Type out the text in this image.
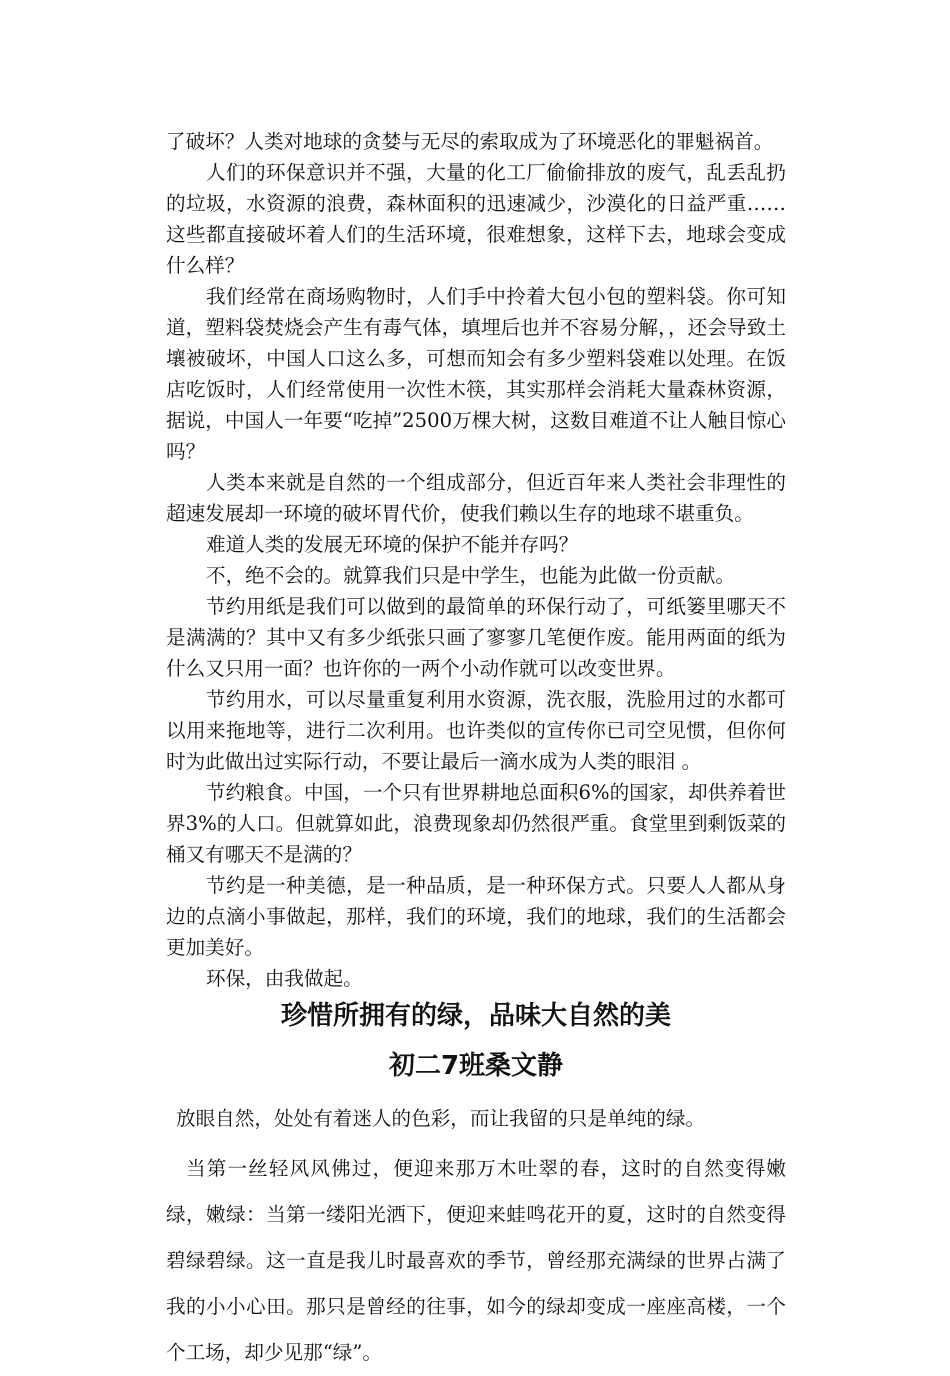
了破坏？人类对地球的贪婪与无尽的索取成为了环境恶化的罪魁祸首。

人们的环保意识并不强，大量的化工厂偷偷排放的废气，乱丢乱扔的垃圾，水资源的浪费，森林面积的迅速减少，沙漠化的日益严重……这些都直接破坏着人们的生活环境，很难想象，这样下去，地球会变成什么样？

我们经常在商场购物时，人们手中拎着大包小包的塑料袋。你可知道，塑料袋焚烧会产生有毒气体，填埋后也并不容易分解，，还会导致土壤被破坏，中国人口这么多，可想而知会有多少塑料袋难以处理。在饭店吃饭时，人们经常使用一次性木筷，其实那样会消耗大量森林资源，据说，中国人一年要“吃掉”2500万棵大树，这数目难道不让人触目惊心吗？

人类本来就是自然的一个组成部分，但近百年来人类社会非理性的超速发展却一环境的破坏胃代价，使我们赖以生存的地球不堪重负。

难道人类的发展无环境的保护不能并存吗？

不，绝不会的。就算我们只是中学生，也能为此做一份贡献。

节约用纸是我们可以做到的最简单的环保行动了，可纸篓里哪天不是满满的？其中又有多少纸张只画了寥寥几笔便作废。能用两面的纸为什么又只用一面？也许你的一两个小动作就可以改变世界。

节约用水，可以尽量重复利用水资源，洗衣服，洗脸用过的水都可以用来拖地等，进行二次利用。也许类似的宣传你已司空见惯，但你何时为此做出过实际行动，不要让最后一滴水成为人类的眼泪 。

节约粮食。中国，一个只有世界耕地总面积6%的国家，却供养着世界3%的人口。但就算如此，浪费现象却仍然很严重。食堂里到剩饭菜的桶又有哪天不是满的？

节约是一种美德，是一种品质，是一种环保方式。只要人人都从身边的点滴小事做起，那样，我们的环境，我们的地球，我们的生活都会更加美好。

环保，由我做起。

珍惜所拥有的绿，品味大自然的美
初二7班桑文静

放眼自然，处处有着迷人的色彩，而让我留的只是单纯的绿。

当第一丝轻风风佛过，便迎来那万木吐翠的春，这时的自然变得嫩绿，嫩绿：当第一缕阳光洒下，便迎来蛙鸣花开的夏，这时的自然变得碧绿碧绿。这一直是我儿时最喜欢的季节，曾经那充满绿的世界占满了我的小小心田。那只是曾经的往事，如今的绿却变成一座座高楼，一个个工场，却少见那“绿”。
